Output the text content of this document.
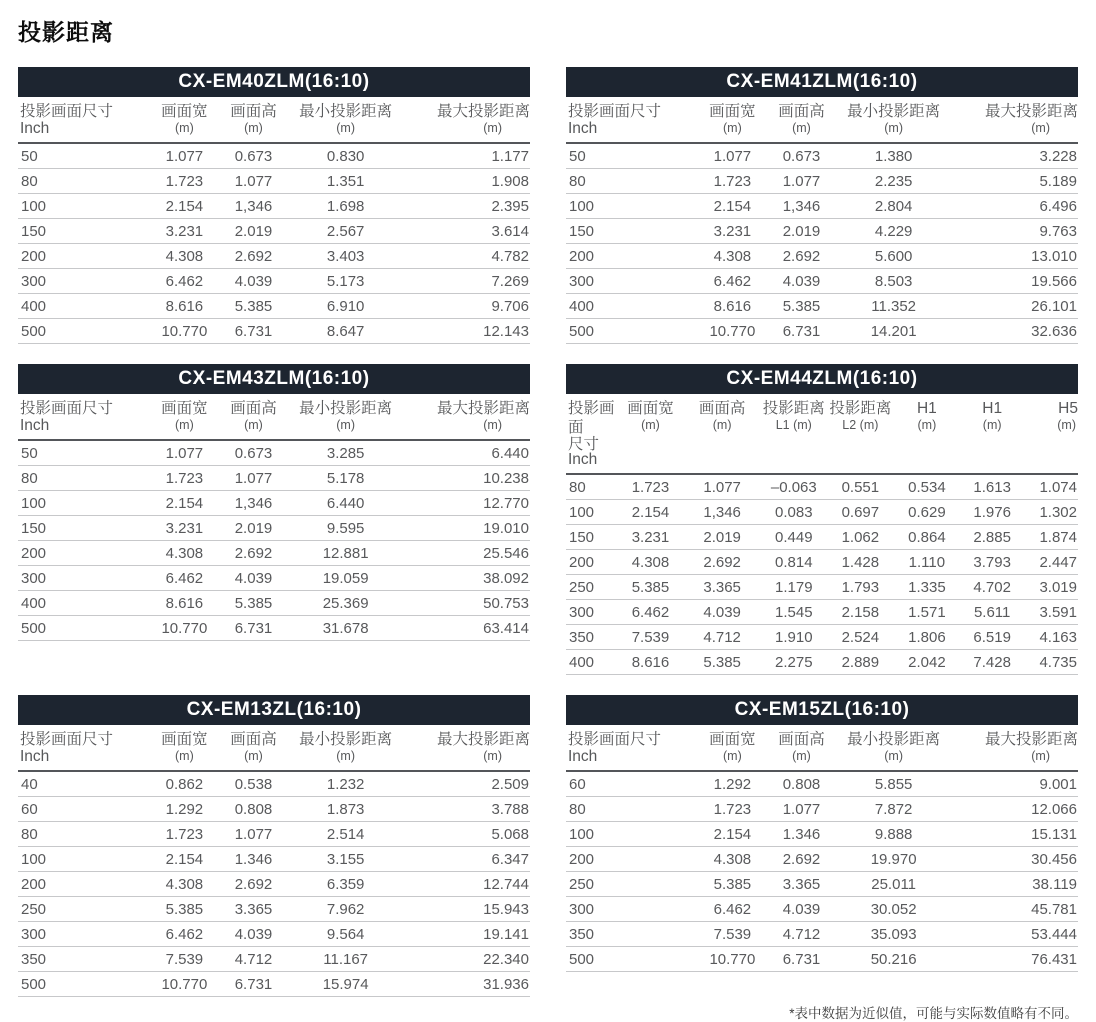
投影距离
CX-EM40ZLM(16:10)
投影画面尺寸
Inch

画面宽
(m)

画面高
(m)

最小投影距离
(m)

最大投影距离
(m)

50	1.077	0.673	0.830	1.177
80	1.723	1.077	1.351	1.908
100	2.154	1,346	1.698	2.395
150	3.231	2.019	2.567	3.614
200	4.308	2.692	3.403	4.782
300	6.462	4.039	5.173	7.269
400	8.616	5.385	6.910	9.706
500	10.770	6.731	8.647	12.143
CX-EM41ZLM(16:10)
投影画面尺寸
Inch

画面宽
(m)

画面高
(m)

最小投影距离
(m)

最大投影距离
(m)

50	1.077	0.673	1.380	3.228
80	1.723	1.077	2.235	5.189
100	2.154	1,346	2.804	6.496
150	3.231	2.019	4.229	9.763
200	4.308	2.692	5.600	13.010
300	6.462	4.039	8.503	19.566
400	8.616	5.385	11.352	26.101
500	10.770	6.731	14.201	32.636
CX-EM43ZLM(16:10)
投影画面尺寸
Inch

画面宽
(m)

画面高
(m)

最小投影距离
(m)

最大投影距离
(m)

50	1.077	0.673	3.285	6.440
80	1.723	1.077	5.178	10.238
100	2.154	1,346	6.440	12.770
150	3.231	2.019	9.595	19.010
200	4.308	2.692	12.881	25.546
300	6.462	4.039	19.059	38.092
400	8.616	5.385	25.369	50.753
500	10.770	6.731	31.678	63.414
CX-EM44ZLM(16:10)
投影画面
尺寸Inch

画面宽
(m)

画面高
(m)

投影距离
L1 (m)

投影距离
L2 (m)

H1
(m)

H1
(m)

H5
(m)

80	1.723	1.077	–0.063	0.551	0.534	1.613	1.074
100	2.154	1,346	0.083	0.697	0.629	1.976	1.302
150	3.231	2.019	0.449	1.062	0.864	2.885	1.874
200	4.308	2.692	0.814	1.428	1.110	3.793	2.447
250	5.385	3.365	1.179	1.793	1.335	4.702	3.019
300	6.462	4.039	1.545	2.158	1.571	5.611	3.591
350	7.539	4.712	1.910	2.524	1.806	6.519	4.163
400	8.616	5.385	2.275	2.889	2.042	7.428	4.735
CX-EM13ZL(16:10)
投影画面尺寸
Inch

画面宽
(m)

画面高
(m)

最小投影距离
(m)

最大投影距离
(m)

40	0.862	0.538	1.232	2.509
60	1.292	0.808	1.873	3.788
80	1.723	1.077	2.514	5.068
100	2.154	1.346	3.155	6.347
200	4.308	2.692	6.359	12.744
250	5.385	3.365	7.962	15.943
300	6.462	4.039	9.564	19.141
350	7.539	4.712	11.167	22.340
500	10.770	6.731	15.974	31.936
CX-EM15ZL(16:10)
投影画面尺寸
Inch

画面宽
(m)

画面高
(m)

最小投影距离
(m)

最大投影距离
(m)

60	1.292	0.808	5.855	9.001
80	1.723	1.077	7.872	12.066
100	2.154	1.346	9.888	15.131
200	4.308	2.692	19.970	30.456
250	5.385	3.365	25.011	38.119
300	6.462	4.039	30.052	45.781
350	7.539	4.712	35.093	53.444
500	10.770	6.731	50.216	76.431
*表中数据为近似值，可能与实际数值略有不同。
